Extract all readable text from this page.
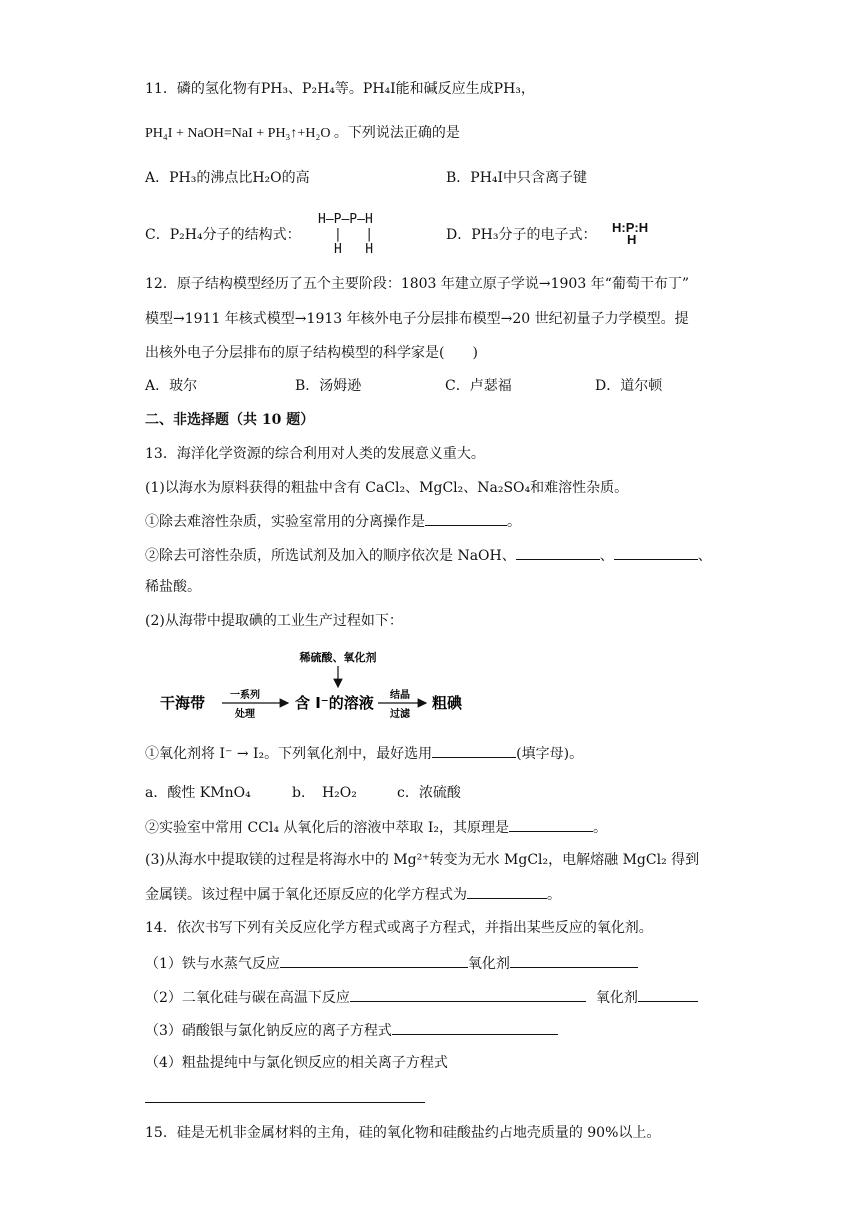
11．磷的氢化物有PH₃、P₂H₄等。PH₄I能和碱反应生成PH₃，
PH₄I + NaOH=NaI + PH₃↑+H₂O 。下列说法正确的是
A．PH₃的沸点比H₂O的高	B．PH₄I中只含离子键
C．P₂H₄分子的结构式：
H—P—P—H
|   |
H   H
D．PH₃分子的电子式： H:P:H
H
12．原子结构模型经历了五个主要阶段：1803 年建立原子学说→1903 年“葡萄干布丁”
模型→1911 年核式模型→1913 年核外电子分层排布模型→20 世纪初量子力学模型。提
出核外电子分层排布的原子结构模型的科学家是(　　)
A．玻尔	B．汤姆逊	C．卢瑟福	D．道尔顿
二、非选择题（共 10 题）
13．海洋化学资源的综合利用对人类的发展意义重大。
(1)以海水为原料获得的粗盐中含有 CaCl₂、MgCl₂、Na₂SO₄和难溶性杂质。
①除去难溶性杂质，实验室常用的分离操作是	。
②除去可溶性杂质，所选试剂及加入的顺序依次是 NaOH、	、	、
稀盐酸。
(2)从海带中提取碘的工业生产过程如下：
稀硫酸、氧化剂
干海带 一系列
处理
含 I⁻的溶液 结晶
过滤
粗碘
①氧化剂将 I⁻ → I₂。下列氧化剂中，最好选用	(填字母)。
a．酸性 KMnO₄	b．　H₂O₂	c．浓硫酸
②实验室中常用 CCl₄ 从氧化后的溶液中萃取 I₂，其原理是	。
(3)从海水中提取镁的过程是将海水中的 Mg²⁺转变为无水 MgCl₂，电解熔融 MgCl₂ 得到
金属镁。该过程中属于氧化还原反应的化学方程式为	。
14．依次书写下列有关反应化学方程式或离子方程式，并指出某些反应的氧化剂。
（1）铁与水蒸气反应	氧化剂
（2）二氧化硅与碳在高温下反应	氧化剂
（3）硝酸银与氯化钠反应的离子方程式
（4）粗盐提纯中与氯化钡反应的相关离子方程式
15．硅是无机非金属材料的主角，硅的氧化物和硅酸盐约占地壳质量的 90%以上。
